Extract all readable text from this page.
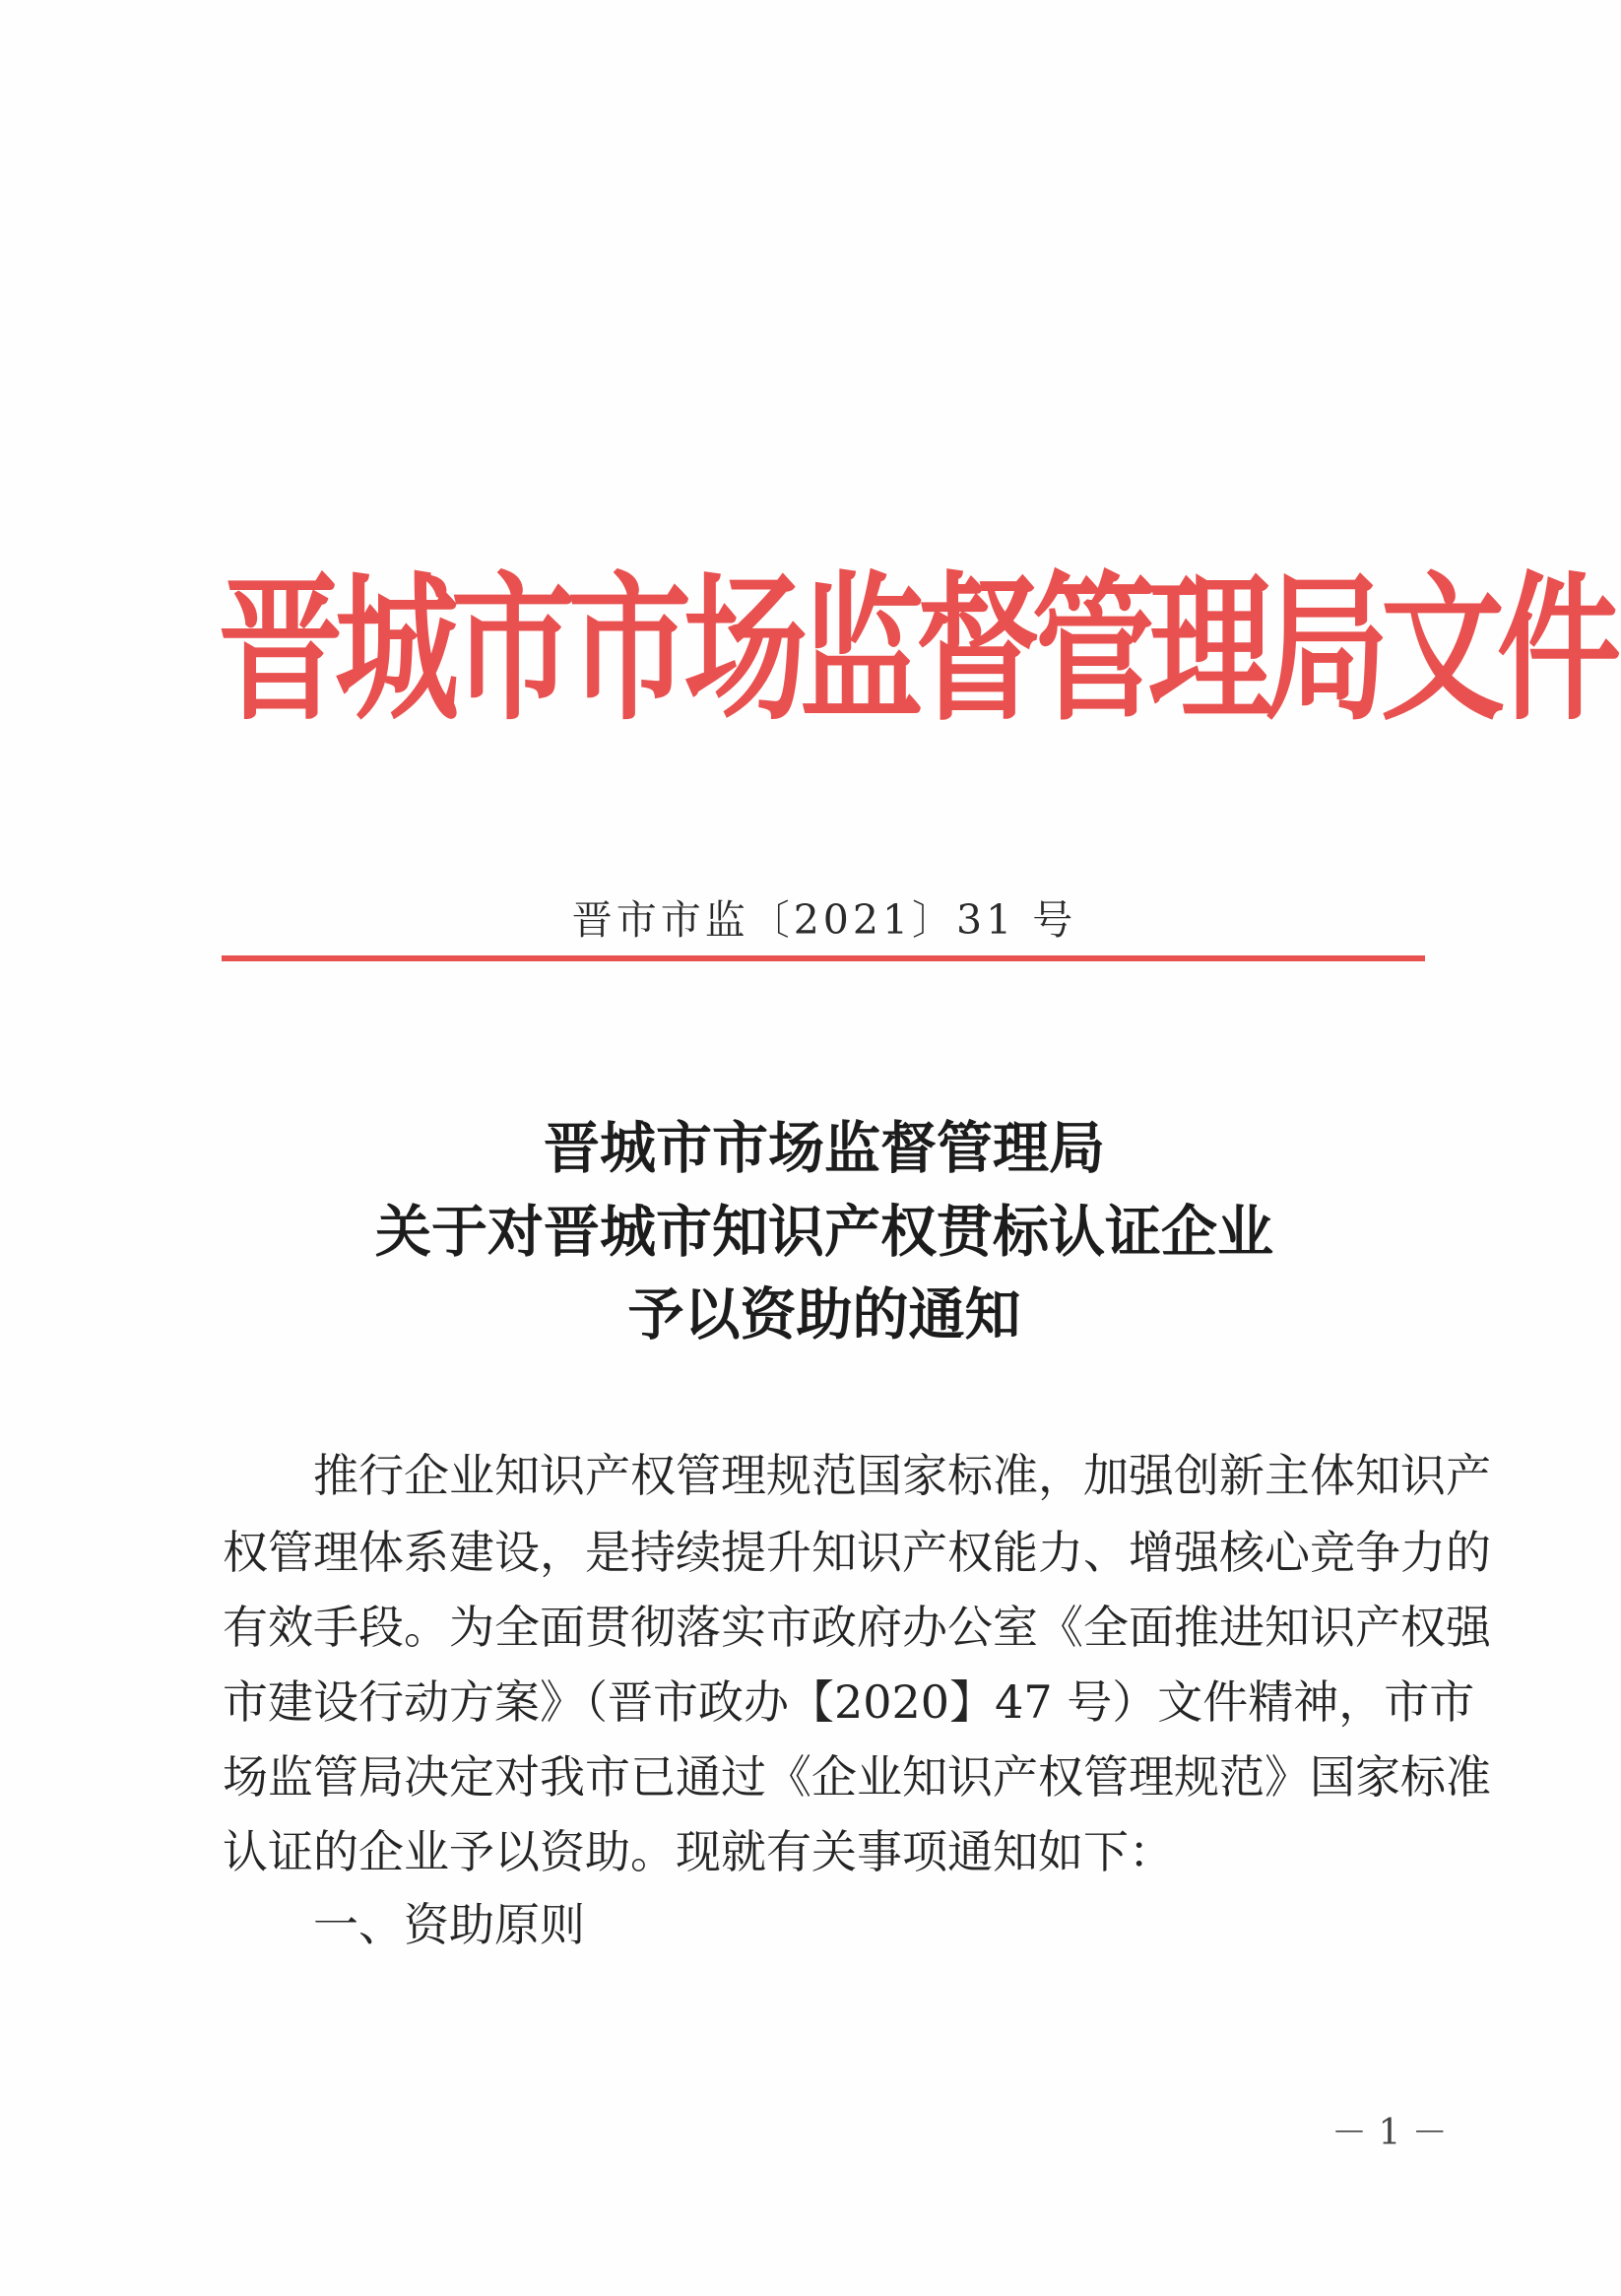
晋城市市场监督管理局文件
晋市市监〔2021〕31 号
晋城市市场监督管理局
关于对晋城市知识产权贯标认证企业
予以资助的通知
推行企业知识产权管理规范国家标准，加强创新主体知识产
权管理体系建设，是持续提升知识产权能力、增强核心竞争力的
有效手段。为全面贯彻落实市政府办公室《全面推进知识产权强
市建设行动方案》（晋市政办【2020】47 号）文件精神，市市
场监管局决定对我市已通过《企业知识产权管理规范》国家标准
认证的企业予以资助。现就有关事项通知如下：
一、资助原则
－ 1 －
